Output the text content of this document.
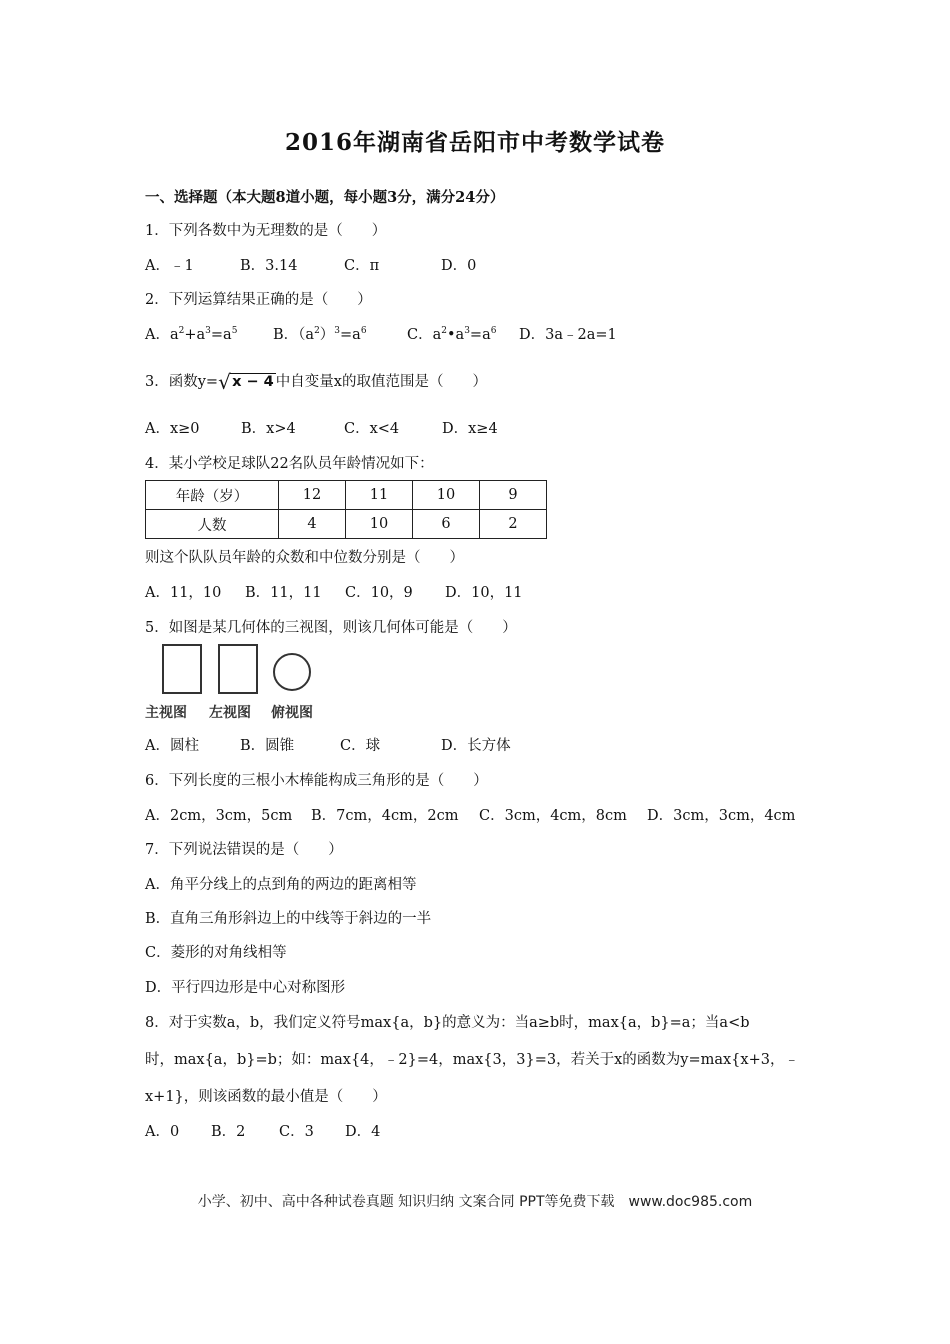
2016年湖南省岳阳市中考数学试卷
一、选择题（本大题8道小题，每小题3分，满分24分）
1．下列各数中为无理数的是（　　）
A．﹣1	B．3.14	C．π	D．0
2．下列运算结果正确的是（　　）
A．$a^2+a^3=a^5$ B．$(a^2)^3=a^6$	C．$a^2•a^3=a^6$ D．3a﹣2a=1
3．函数y= √ x − 4 中自变量x的取值范围是（　　）
A．x≥0	B．x>4	C．x<4	D．x≥4
4．某小学校足球队22名队员年龄情况如下：
年龄（岁）	12	11	10	9
人数	4	10	6	2
则这个队队员年龄的众数和中位数分别是（　　）
A．11，10 B．11，11 C．10，9 D．10，11
5．如图是某几何体的三视图，则该几何体可能是（　　）
主视图 左视图 俯视图
A．圆柱	B．圆锥	C．球	D．长方体
6．下列长度的三根小木棒能构成三角形的是（　　）
A．2cm，3cm，5cm B．7cm，4cm，2cm C．3cm，4cm，8cm D．3cm，3cm，4cm
7．下列说法错误的是（　　）
A．角平分线上的点到角的两边的距离相等
B．直角三角形斜边上的中线等于斜边的一半
C．菱形的对角线相等
D．平行四边形是中心对称图形
8．对于实数a，b，我们定义符号max{a，b}的意义为：当a≥b时，max{a，b}=a；当a<b
时，max{a，b}=b；如：max{4，﹣2}=4，max{3，3}=3，若关于x的函数为y=max{x+3，﹣
x+1}，则该函数的最小值是（　　）
A．0 B．2 C．3 D．4
小学、初中、高中各种试卷真题 知识归纳 文案合同 PPT等免费下载　www.doc985.com
